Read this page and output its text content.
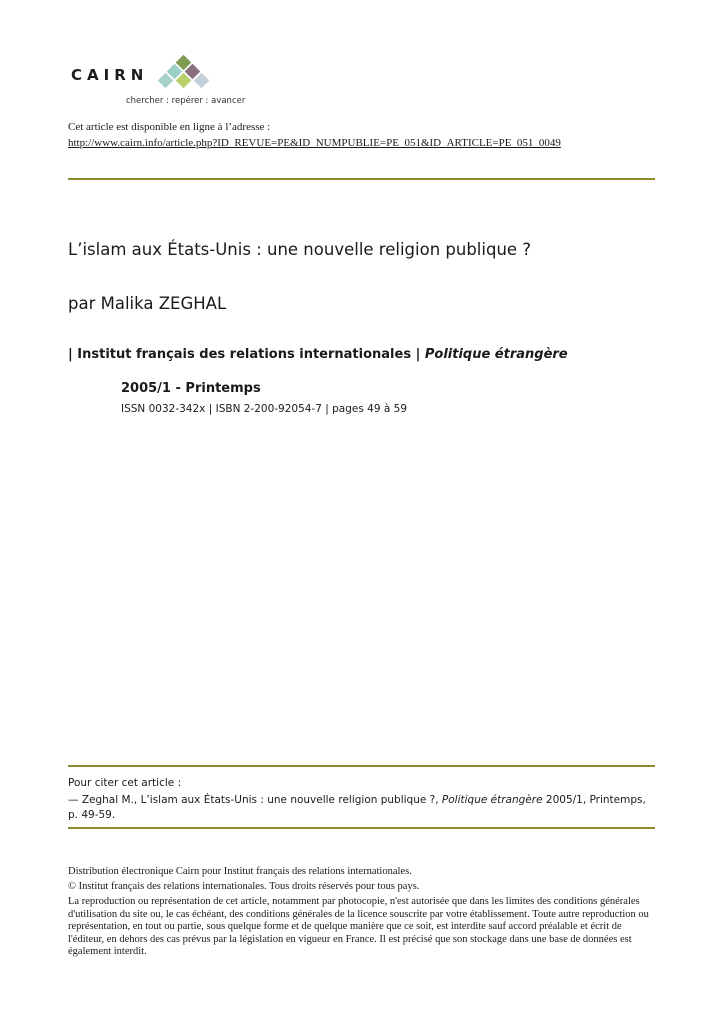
CAIRN
chercher : repérer : avancer
Cet article est disponible en ligne à l’adresse :
http://www.cairn.info/article.php?ID_REVUE=PE&ID_NUMPUBLIE=PE_051&ID_ARTICLE=PE_051_0049
L’islam aux États-Unis : une nouvelle religion publique ?
par Malika ZEGHAL
| Institut français des relations internationales | Politique étrangère
2005/1 - Printemps
ISSN 0032-342x | ISBN 2-200-92054-7 | pages 49 à 59
Pour citer cet article :
— Zeghal M., L’islam aux États-Unis : une nouvelle religion publique ?, Politique étrangère 2005/1, Printemps, p. 49-59.
Distribution électronique Cairn pour Institut français des relations internationales.
© Institut français des relations internationales. Tous droits réservés pour tous pays.
La reproduction ou représentation de cet article, notamment par photocopie, n'est autorisée que dans les limites des conditions générales d'utilisation du site ou, le cas échéant, des conditions générales de la licence souscrite par votre établissement. Toute autre reproduction ou représentation, en tout ou partie, sous quelque forme et de quelque manière que ce soit, est interdite sauf accord préalable et écrit de l'éditeur, en dehors des cas prévus par la législation en vigueur en France. Il est précisé que son stockage dans une base de données est également interdit.
